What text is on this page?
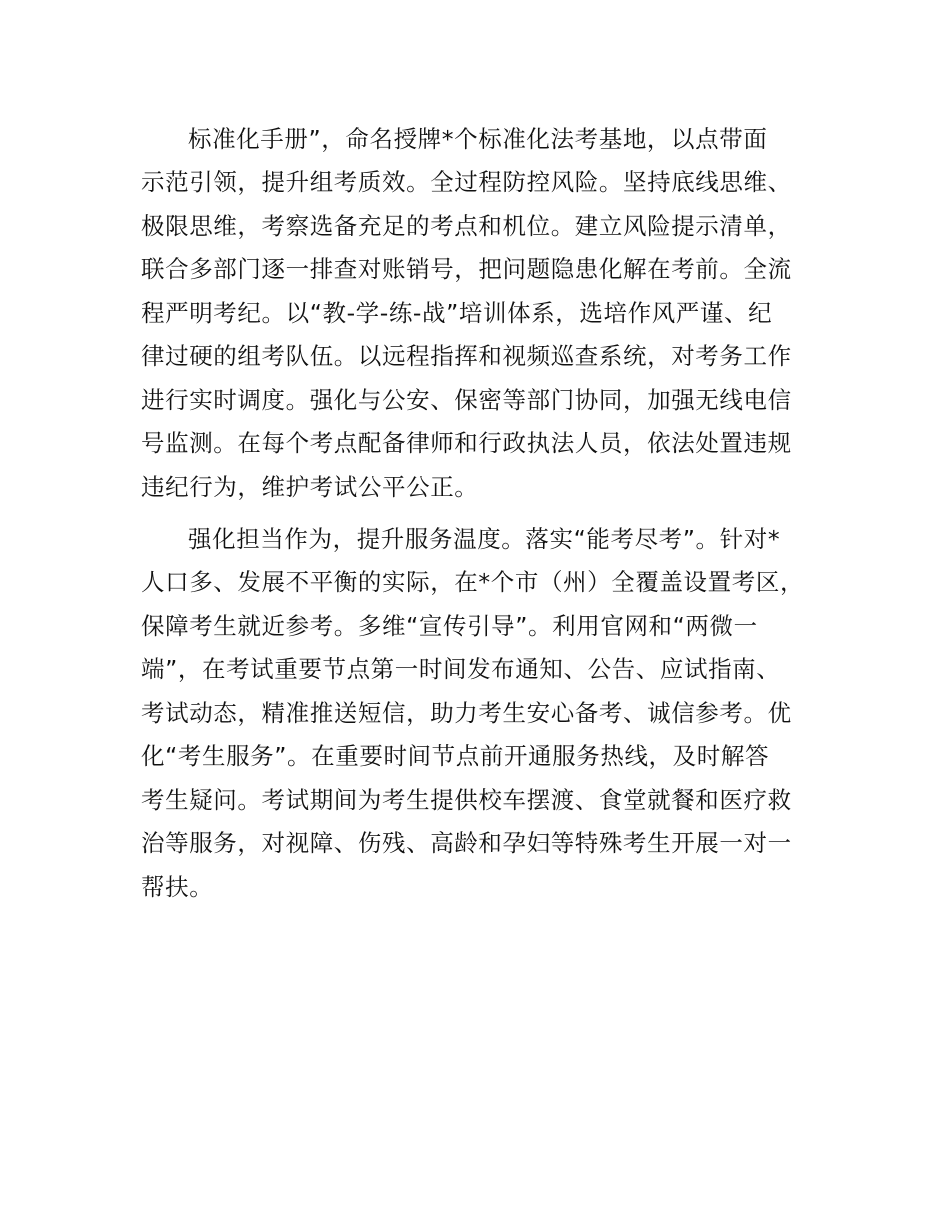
标准化手册”，命名授牌*个标准化法考基地，以点带面
示范引领，提升组考质效。全过程防控风险。坚持底线思维、
极限思维，考察选备充足的考点和机位。建立风险提示清单，
联合多部门逐一排查对账销号，把问题隐患化解在考前。全流
程严明考纪。以“教-学-练-战”培训体系，选培作风严谨、纪
律过硬的组考队伍。以远程指挥和视频巡查系统，对考务工作
进行实时调度。强化与公安、保密等部门协同，加强无线电信
号监测。在每个考点配备律师和行政执法人员，依法处置违规
违纪行为，维护考试公平公正。
强化担当作为，提升服务温度。落实“能考尽考”。针对*
人口多、发展不平衡的实际，在*个市（州）全覆盖设置考区，
保障考生就近参考。多维“宣传引导”。利用官网和“两微一
端”，在考试重要节点第一时间发布通知、公告、应试指南、
考试动态，精准推送短信，助力考生安心备考、诚信参考。优
化“考生服务”。在重要时间节点前开通服务热线，及时解答
考生疑问。考试期间为考生提供校车摆渡、食堂就餐和医疗救
治等服务，对视障、伤残、高龄和孕妇等特殊考生开展一对一
帮扶。
